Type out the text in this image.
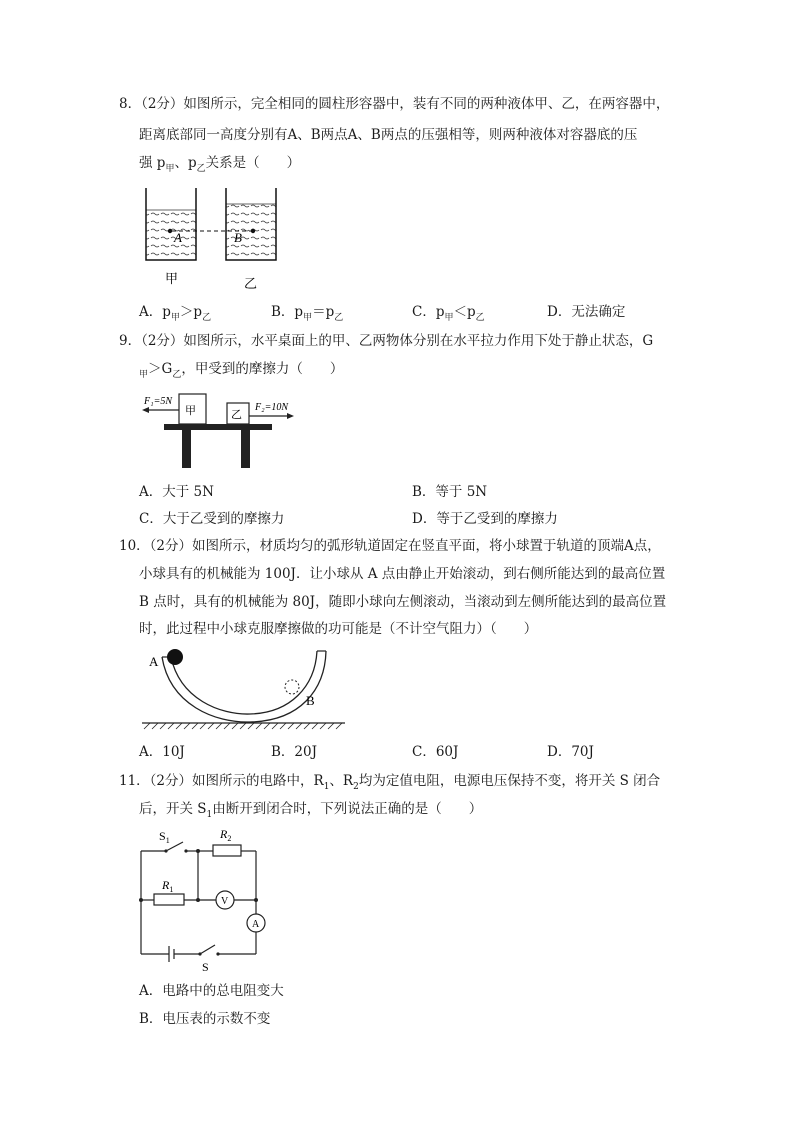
8．（2分）如图所示，完全相同的圆柱形容器中，装有不同的两种液体甲、乙，在两容器中，
距离底部同一高度分别有A、B两点A、B两点的压强相等，则两种液体对容器底的压
强 $p_甲$、$p_乙$关系是（　　）
A	B
甲	乙
A．$p_甲>p_乙$	B．$p_甲=p_乙$	C．$p_甲<p_乙$	D．无法确定
9．（2分）如图所示，水平桌面上的甲、乙两物体分别在水平拉力作用下处于静止状态，G
$_甲>G_乙$，甲受到的摩擦力（　　）
甲	乙
F₁=5N
F₂=10N
A．大于 5N	B．等于 5N
C．大于乙受到的摩擦力	D．等于乙受到的摩擦力
10．（2分）如图所示，材质均匀的弧形轨道固定在竖直平面，将小球置于轨道的顶端A点，
小球具有的机械能为 100J．让小球从 A 点由静止开始滚动，到右侧所能达到的最高位置
B 点时，具有的机械能为 80J，随即小球向左侧滚动，当滚动到左侧所能达到的最高位置
时，此过程中小球克服摩擦做的功可能是（不计空气阻力）（　　）
A
B
A．10J	B．20J	C．60J	D．70J
11．（2分）如图所示的电路中，$R_1$、$R_2$均为定值电阻，电源电压保持不变，将开关 S 闭合
后，开关 $S_1$由断开到闭合时，下列说法正确的是（　　）
$S_1$	$R_2$
$R_1$
V
A
S
A．电路中的总电阻变大
B．电压表的示数不变
